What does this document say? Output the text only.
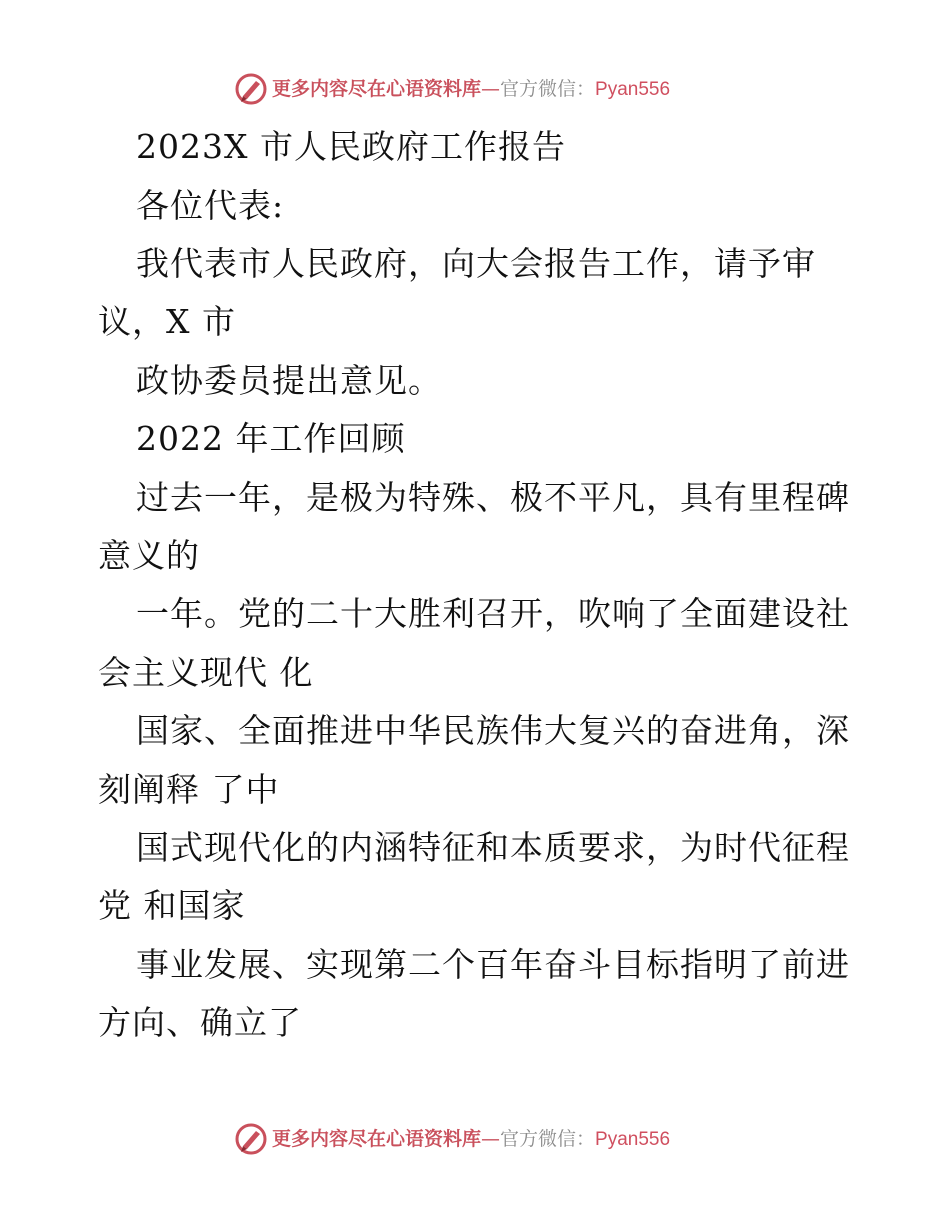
更多内容尽在心语资料库—官方微信：Pyan556
2023X 市人民政府工作报告
各位代表:
我代表市人民政府，向大会报告工作，请予审
议，X 市
政协委员提出意见。
2022 年工作回顾
过去一年，是极为特殊、极不平凡，具有里程碑
意义的
一年。党的二十大胜利召开，吹响了全面建设社
会主义现代 化
国家、全面推进中华民族伟大复兴的奋进角，深
刻阐释 了中
国式现代化的内涵特征和本质要求，为时代征程
党 和国家
事业发展、实现第二个百年奋斗目标指明了前进
方向、确立了
更多内容尽在心语资料库—官方微信：Pyan556
